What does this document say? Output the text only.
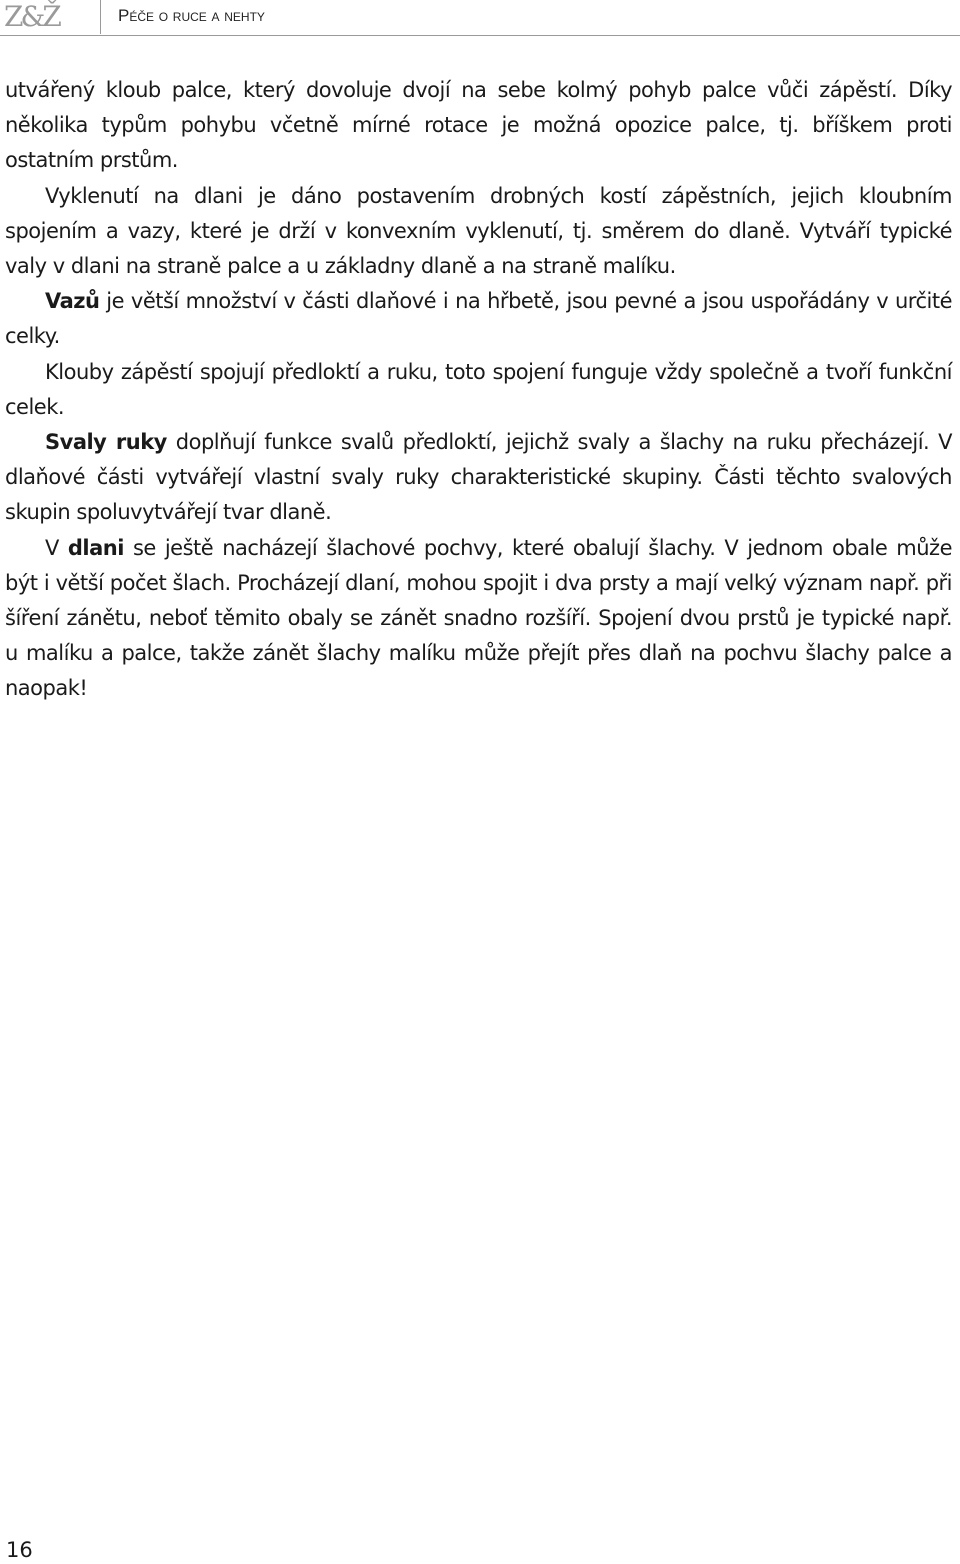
Z&Ž	Péče o ruce a nehty

utvářený kloub palce, který dovoluje dvojí na sebe kolmý pohyb palce vůči zápěstí. Díky několika typům pohybu včetně mírné rotace je možná opozice palce, tj. bříškem proti ostatním prstům.

Vyklenutí na dlani je dáno postavením drobných kostí zápěstních, jejich kloubním spojením a vazy, které je drží v konvexním vyklenutí, tj. směrem do dlaně. Vytváří typické valy v dlani na straně palce a u základny dlaně a na straně malíku.

Vazů je větší množství v části dlaňové i na hřbetě, jsou pevné a jsou uspořádány v určité celky.

Klouby zápěstí spojují předloktí a ruku, toto spojení funguje vždy společně a tvoří funkční celek.

Svaly ruky doplňují funkce svalů předloktí, jejichž svaly a šlachy na ruku přecházejí. V dlaňové části vytvářejí vlastní svaly ruky charakteristické skupiny. Části těchto svalových skupin spoluvytvářejí tvar dlaně.

V dlani se ještě nacházejí šlachové pochvy, které obalují šlachy. V jednom obale může být i větší počet šlach. Procházejí dlaní, mohou spojit i dva prsty a mají velký význam např. při šíření zánětu, neboť těmito obaly se zánět snadno rozšíří. Spojení dvou prstů je typické např. u malíku a palce, takže zánět šlachy malíku může přejít přes dlaň na pochvu šlachy palce a naopak!

16
